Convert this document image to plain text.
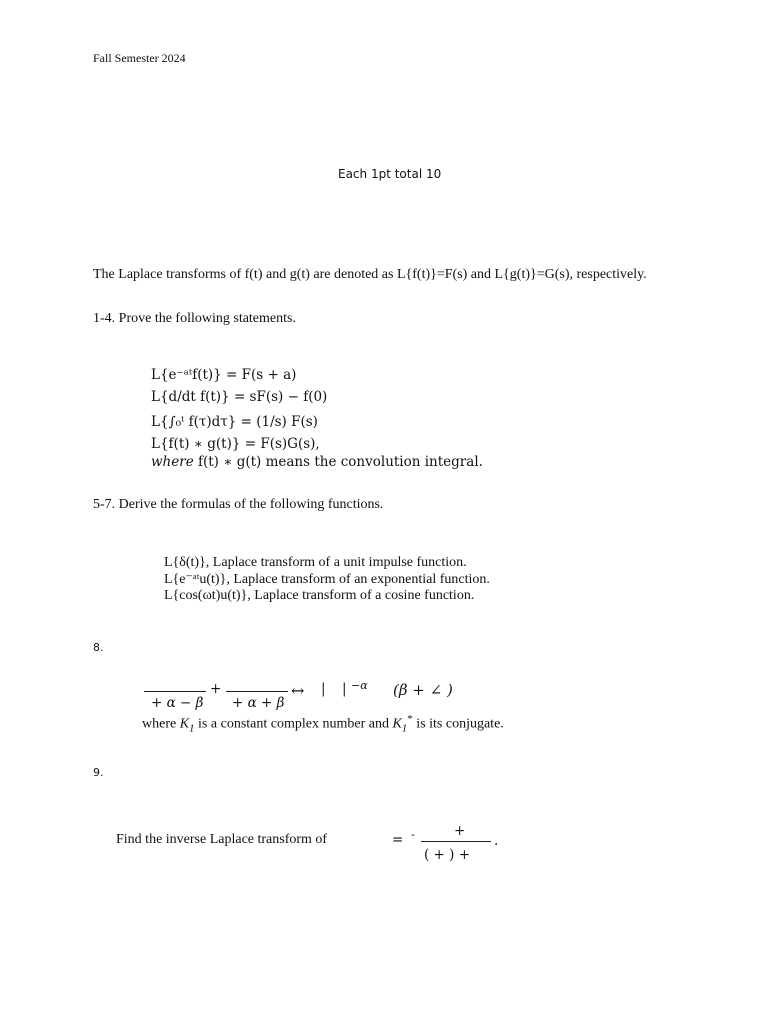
Fall Semester 2024
Each 1pt total 10
The Laplace transforms of f(t) and g(t) are denoted as L{f(t)}=F(s) and L{g(t)}=G(s), respectively.
1-4. Prove the following statements.
L{e⁻ᵃᵗf(t)} = F(s + a)
L{d/dt f(t)} = sF(s) − f(0)
L{∫₀ᵗ f(τ)dτ} = (1/s) F(s)
L{f(t) ∗ g(t)} = F(s)G(s),
where f(t) ∗ g(t) means the convolution integral.
5-7. Derive the formulas of the following functions.
L{δ(t)}, Laplace transform of a unit impulse function.
L{e⁻ᵃᵗu(t)}, Laplace transform of an exponential function.
L{cos(ωt)u(t)}, Laplace transform of a cosine function.
8.
+ α − β
+
+ α + β
↔ | | −α (β + ∠ )
where $K_1$ is a constant complex number and $K_1^*$ is its conjugate.
9.
Find the inverse Laplace transform of	= -	+
( + ) +
.
